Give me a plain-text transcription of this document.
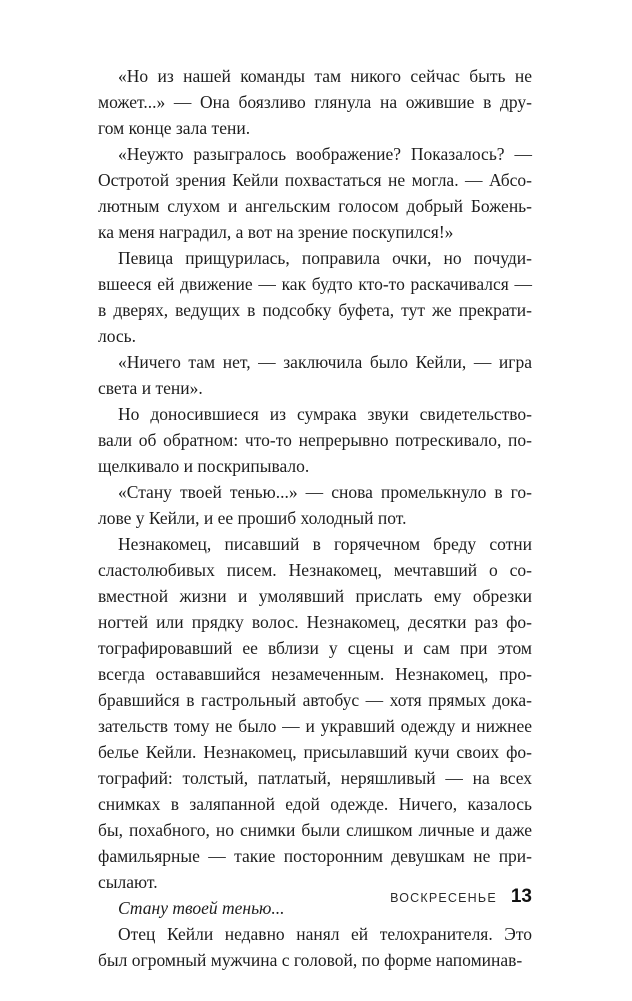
«Но из нашей команды там никого сейчас быть не
может...» — Она боязливо глянула на ожившие в дру-
гом конце зала тени.
«Неужто разыгралось воображение? Показалось? —
Остротой зрения Кейли похвастаться не могла. — Абсо-
лютным слухом и ангельским голосом добрый Божень-
ка меня наградил, а вот на зрение поскупился!»
Певица прищурилась, поправила очки, но почуди-
вшееся ей движение — как будто кто-то раскачивался —
в дверях, ведущих в подсобку буфета, тут же прекрати-
лось.
«Ничего там нет, — заключила было Кейли, — игра
света и тени».
Но доносившиеся из сумрака звуки свидетельство-
вали об обратном: что-то непрерывно потрескивало, по-
щелкивало и поскрипывало.
«Стану твоей тенью...» — снова промелькнуло в го-
лове у Кейли, и ее прошиб холодный пот.
Незнакомец, писавший в горячечном бреду сотни
сластолюбивых писем. Незнакомец, мечтавший о со-
вместной жизни и умолявший прислать ему обрезки
ногтей или прядку волос. Незнакомец, десятки раз фо-
тографировавший ее вблизи у сцены и сам при этом
всегда остававшийся незамеченным. Незнакомец, про-
бравшийся в гастрольный автобус — хотя прямых дока-
зательств тому не было — и укравший одежду и нижнее
белье Кейли. Незнакомец, присылавший кучи своих фо-
тографий: толстый, патлатый, неряшливый — на всех
снимках в заляпанной едой одежде. Ничего, казалось
бы, похабного, но снимки были слишком личные и даже
фамильярные — такие посторонним девушкам не при-
сылают.
Стану твоей тенью...
Отец Кейли недавно нанял ей телохранителя. Это
был огромный мужчина с головой, по форме напоминав-
ВОСКРЕСЕНЬЕ 13
